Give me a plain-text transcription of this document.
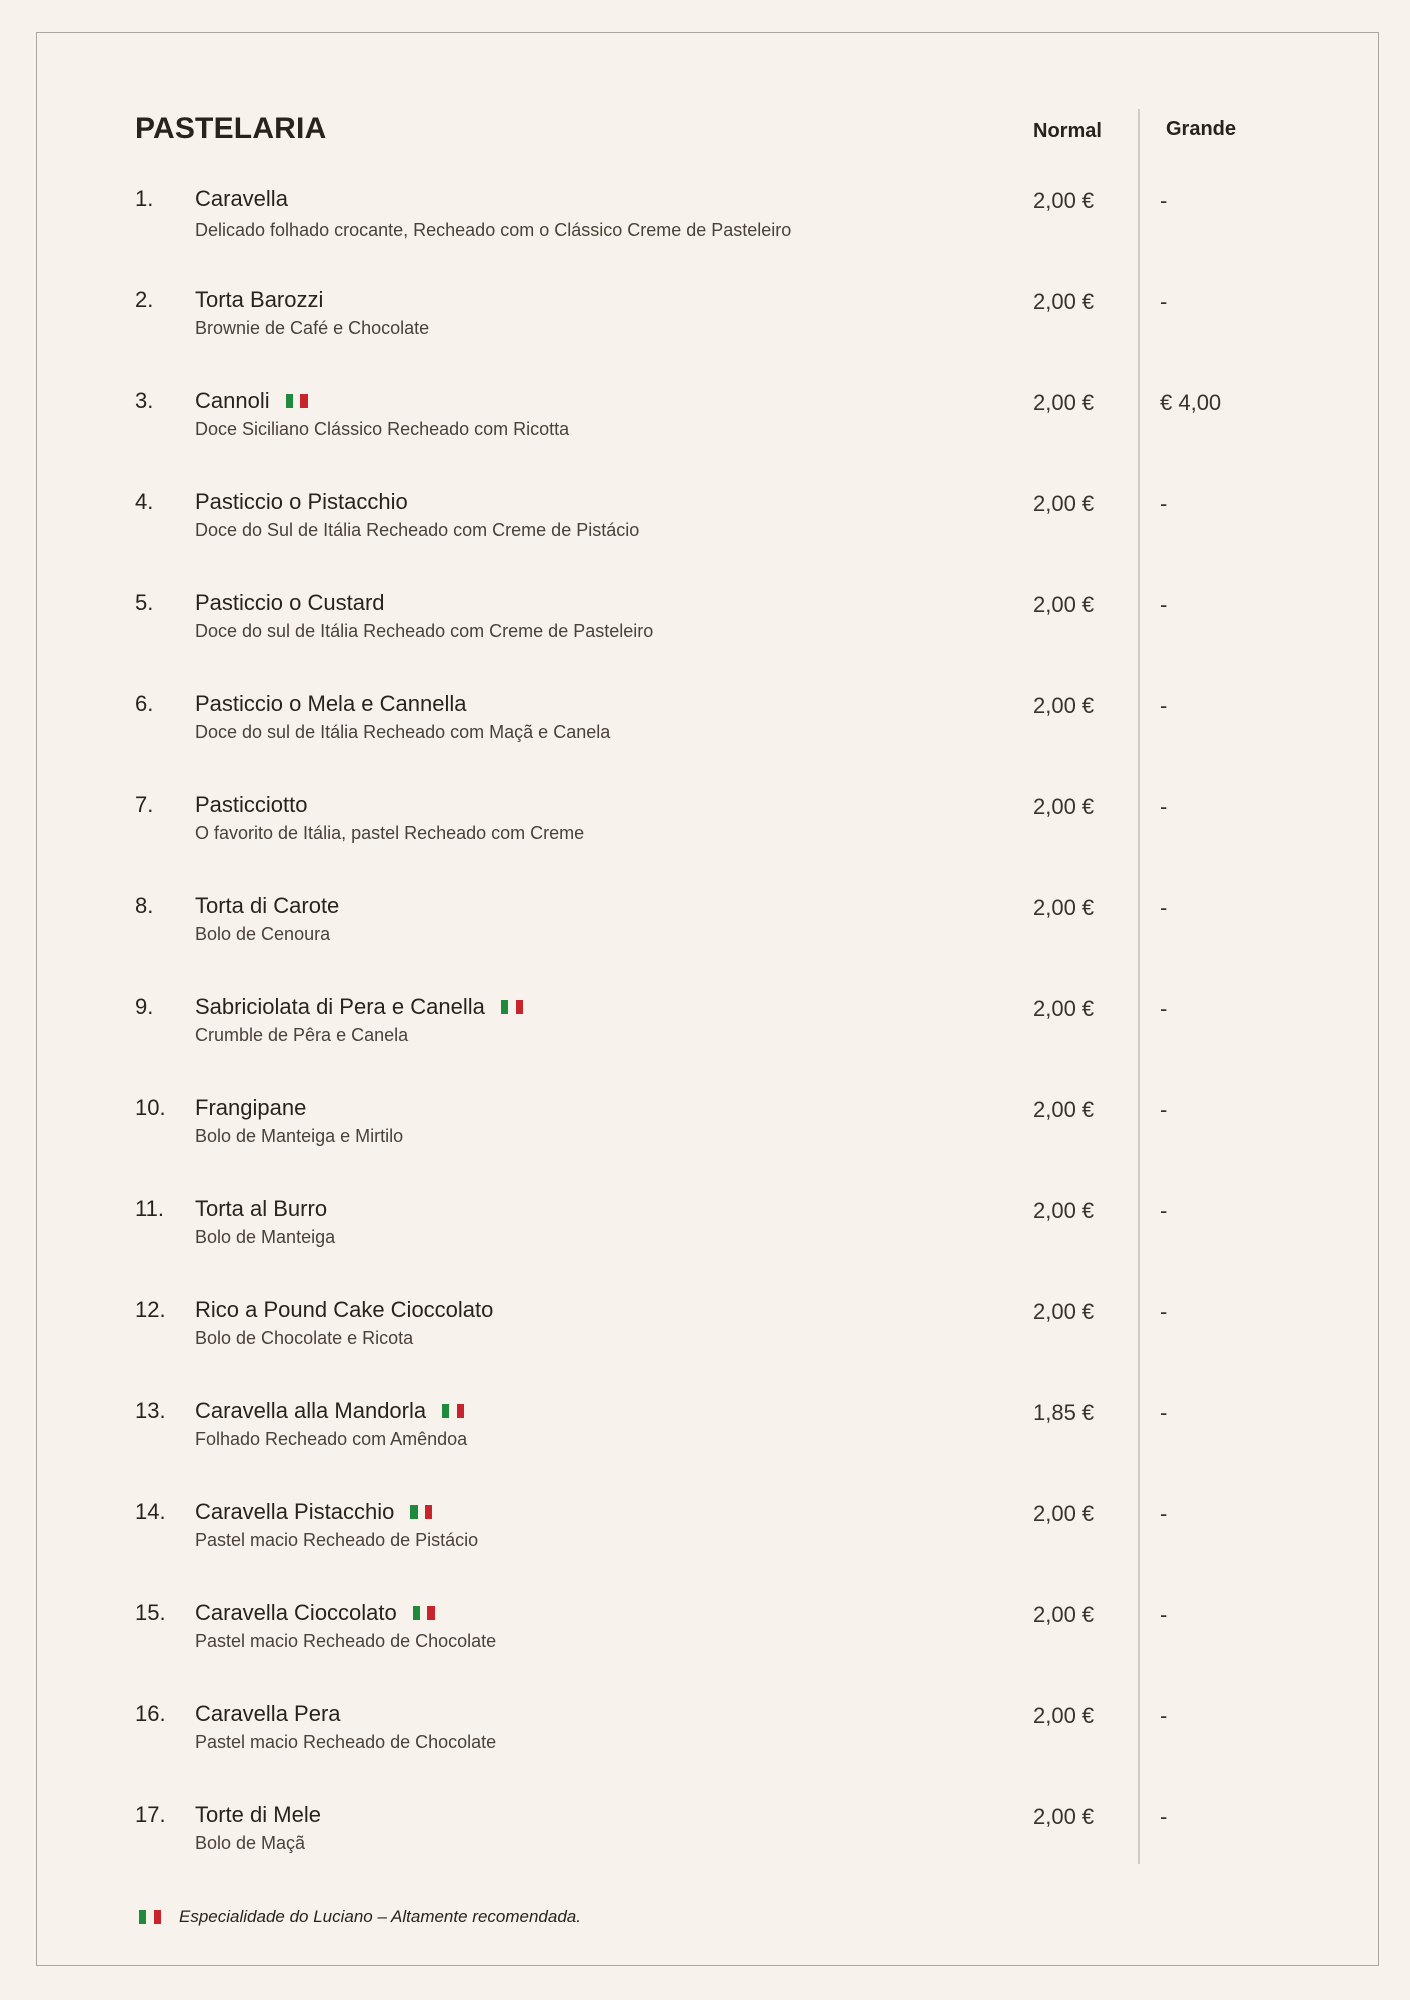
PASTELARIA	Normal	Grande
1. Caravella
Delicado folhado crocante, Recheado com o Clássico Creme de Pasteleiro
2,00 €	-
2. Torta Barozzi
Brownie de Café e Chocolate
2,00 €	-
3. Cannoli
Doce Siciliano Clássico Recheado com Ricotta
2,00 €	€ 4,00
4. Pasticcio o Pistacchio
Doce do Sul de Itália Recheado com Creme de Pistácio
2,00 €	-
5. Pasticcio o Custard
Doce do sul de Itália Recheado com Creme de Pasteleiro
2,00 €	-
6. Pasticcio o Mela e Cannella
Doce do sul de Itália Recheado com Maçã e Canela
2,00 €	-
7. Pasticciotto
O favorito de Itália, pastel Recheado com Creme
2,00 €	-
8. Torta di Carote
Bolo de Cenoura
2,00 €	-
9. Sabriciolata di Pera e Canella
Crumble de Pêra e Canela
2,00 €	-
10. Frangipane
Bolo de Manteiga e Mirtilo
2,00 €	-
11. Torta al Burro
Bolo de Manteiga
2,00 €	-
12. Rico a Pound Cake Cioccolato
Bolo de Chocolate e Ricota
2,00 €	-
13. Caravella alla Mandorla
Folhado Recheado com Amêndoa
1,85 €	-
14. Caravella Pistacchio
Pastel macio Recheado de Pistácio
2,00 €	-
15. Caravella Cioccolato
Pastel macio Recheado de Chocolate
2,00 €	-
16. Caravella Pera
Pastel macio Recheado de Chocolate
2,00 €	-
17. Torte di Mele
Bolo de Maçã
2,00 €	-
Especialidade do Luciano – Altamente recomendada.
